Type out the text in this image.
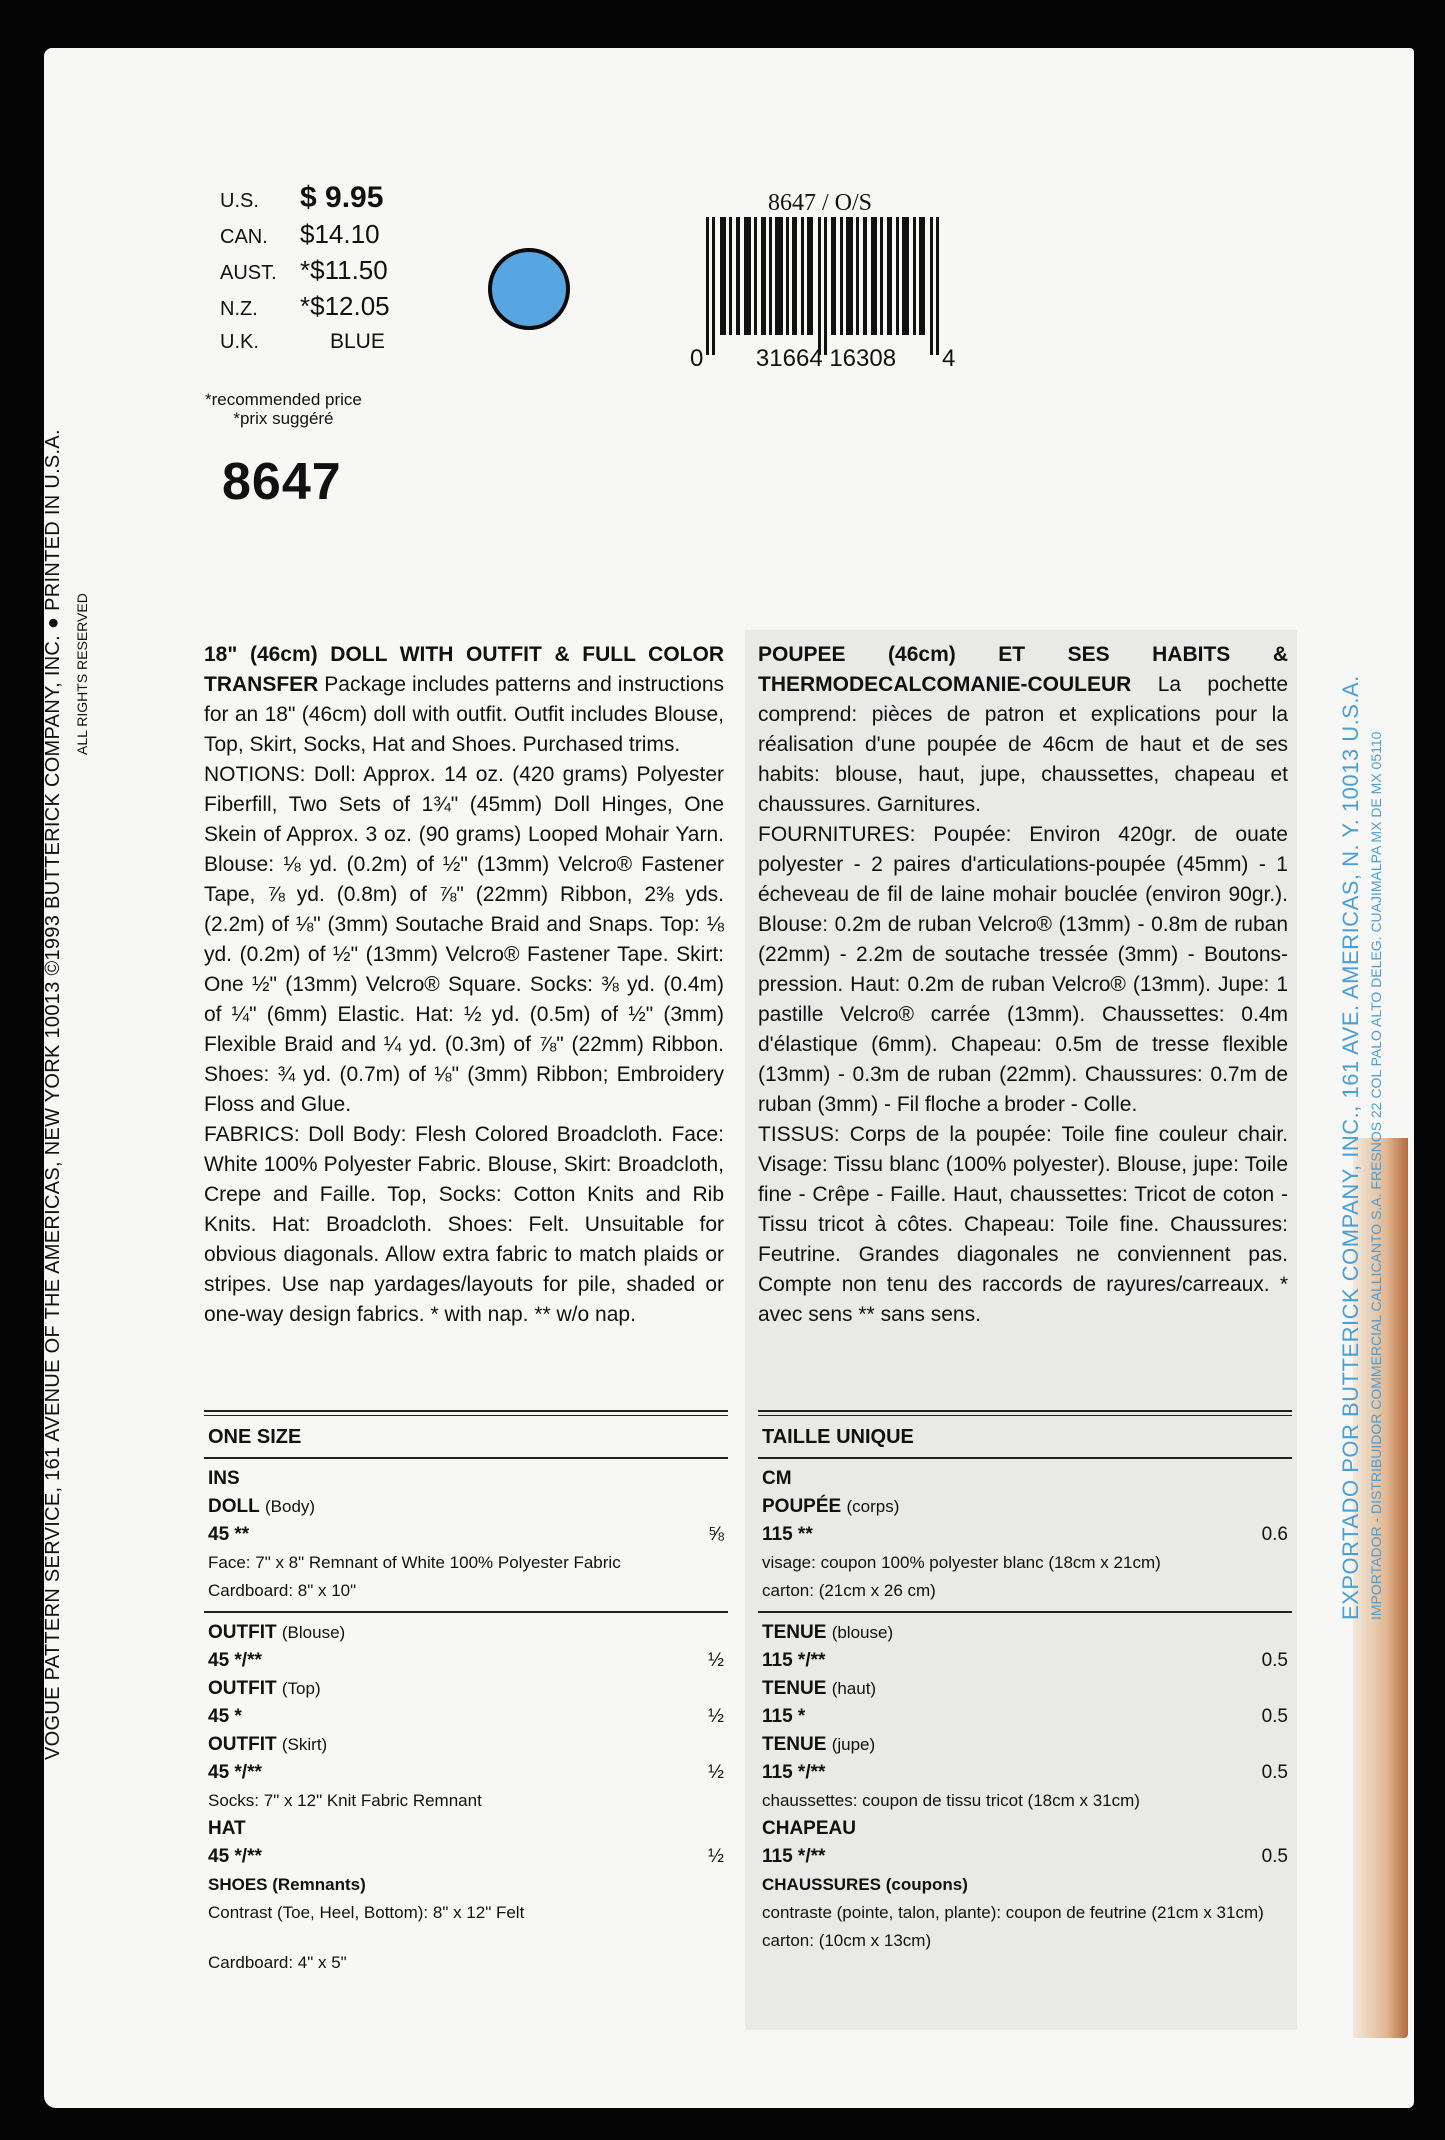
VOGUE PATTERN SERVICE, 161 AVENUE OF THE AMERICAS, NEW YORK 10013 ©1993 BUTTERICK COMPANY, INC. ● PRINTED IN U.S.A. ALL RIGHTS RESERVED
EXPORTADO POR BUTTERICK COMPANY, INC., 161 AVE. AMERICAS, N. Y. 10013 U.S.A. IMPORTADOR - DISTRIBUIDOR COMMERCIAL CALLICANTO S.A. FRESNOS 22 COL PALO ALTO DELEG. CUAJIMALPA MX DE MX 05110
U.S.	$ 9.95
CAN.	$14.10
AUST. *$11.50
N.Z.	*$12.05
U.K.	BLUE
*recommended price
*prix suggéré
8647
8647 / O/S
0	31664 16308	4

18" (46cm) DOLL WITH OUTFIT & FULL COLOR TRANSFER Package includes patterns and instructions for an 18" (46cm) doll with outfit. Outfit includes Blouse, Top, Skirt, Socks, Hat and Shoes. Purchased trims.

NOTIONS: Doll: Approx. 14 oz. (420 grams) Polyester Fiberfill, Two Sets of 1¾" (45mm) Doll Hinges, One Skein of Approx. 3 oz. (90 grams) Looped Mohair Yarn. Blouse: ⅛ yd. (0.2m) of ½" (13mm) Velcro® Fastener Tape, ⅞ yd. (0.8m) of ⅞" (22mm) Ribbon, 2⅜ yds. (2.2m) of ⅛" (3mm) Soutache Braid and Snaps. Top: ⅛ yd. (0.2m) of ½" (13mm) Velcro® Fastener Tape. Skirt: One ½" (13mm) Velcro® Square. Socks: ⅜ yd. (0.4m) of ¼" (6mm) Elastic. Hat: ½ yd. (0.5m) of ½" (3mm) Flexible Braid and ¼ yd. (0.3m) of ⅞" (22mm) Ribbon. Shoes: ¾ yd. (0.7m) of ⅛" (3mm) Ribbon; Embroidery Floss and Glue.

FABRICS: Doll Body: Flesh Colored Broadcloth. Face: White 100% Polyester Fabric. Blouse, Skirt: Broadcloth, Crepe and Faille. Top, Socks: Cotton Knits and Rib Knits. Hat: Broadcloth. Shoes: Felt. Unsuitable for obvious diagonals. Allow extra fabric to match plaids or stripes. Use nap yardages/layouts for pile, shaded or one-way design fabrics. * with nap. ** w/o nap.

POUPEE (46cm) ET SES HABITS & THERMODECALCOMANIE-COULEUR La pochette comprend: pièces de patron et explications pour la réalisation d'une poupée de 46cm de haut et de ses habits: blouse, haut, jupe, chaussettes, chapeau et chaussures. Garnitures.

FOURNITURES: Poupée: Environ 420gr. de ouate polyester - 2 paires d'articulations-poupée (45mm) - 1 écheveau de fil de laine mohair bouclée (environ 90gr.). Blouse: 0.2m de ruban Velcro® (13mm) - 0.8m de ruban (22mm) - 2.2m de soutache tressée (3mm) - Boutons-pression. Haut: 0.2m de ruban Velcro® (13mm). Jupe: 1 pastille Velcro® carrée (13mm). Chaussettes: 0.4m d'élastique (6mm). Chapeau: 0.5m de tresse flexible (13mm) - 0.3m de ruban (22mm). Chaussures: 0.7m de ruban (3mm) - Fil floche a broder - Colle.

TISSUS: Corps de la poupée: Toile fine couleur chair. Visage: Tissu blanc (100% polyester). Blouse, jupe: Toile fine - Crêpe - Faille. Haut, chaussettes: Tricot de coton - Tissu tricot à côtes. Chapeau: Toile fine. Chaussures: Feutrine. Grandes diagonales ne conviennent pas. Compte non tenu des raccords de rayures/carreaux. * avec sens ** sans sens.

ONE SIZE
INS
DOLL (Body)
45 **	⅝
Face: 7" x 8" Remnant of White 100% Polyester Fabric
Cardboard: 8" x 10"
OUTFIT (Blouse)
45 */**	½
OUTFIT (Top)
45 *	½
OUTFIT (Skirt)
45 */**	½
Socks: 7" x 12" Knit Fabric Remnant
HAT
45 */**	½
SHOES (Remnants)
Contrast (Toe, Heel, Bottom): 8" x 12" Felt
Cardboard: 4" x 5"
TAILLE UNIQUE
CM
POUPÉE (corps)
115 **	0.6
visage: coupon 100% polyester blanc (18cm x 21cm)
carton: (21cm x 26 cm)
TENUE (blouse)
115 */**	0.5
TENUE (haut)
115 *	0.5
TENUE (jupe)
115 */**	0.5
chaussettes: coupon de tissu tricot (18cm x 31cm)
CHAPEAU
115 */**	0.5
CHAUSSURES (coupons)
contraste (pointe, talon, plante): coupon de feutrine (21cm x 31cm)
carton: (10cm x 13cm)
